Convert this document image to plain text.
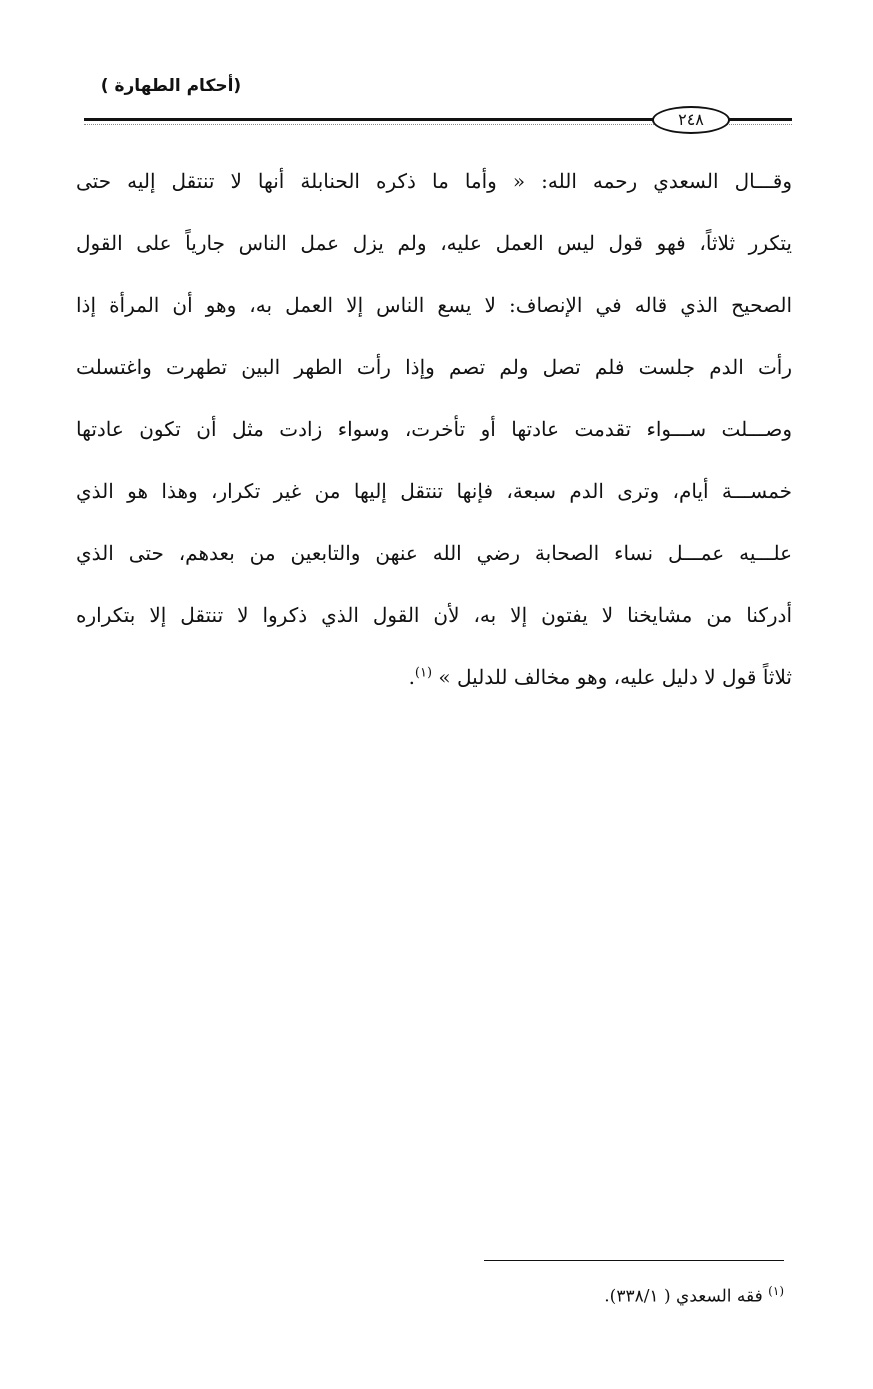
(أحكام الطهارة )
٢٤٨
وقـــال السعدي رحمه الله: « وأما ما ذكره الحنابلة أنها لا تنتقل إليه حتى
يتكرر ثلاثاً، فهو قول ليس العمل عليه، ولم يزل عمل الناس جارياً على القول
الصحيح الذي قاله في الإنصاف: لا يسع الناس إلا العمل به، وهو أن المرأة إذا
رأت الدم جلست فلم تصل ولم تصم وإذا رأت الطهر البين تطهرت واغتسلت
وصـــلت ســـواء تقدمت عادتها أو تأخرت، وسواء زادت مثل أن تكون عادتها
خمســـة أيام، وترى الدم سبعة، فإنها تنتقل إليها من غير تكرار، وهذا هو الذي
علـــيه عمـــل نساء الصحابة رضي الله عنهن والتابعين من بعدهم، حتى الذي
أدركنا من مشايخنا لا يفتون إلا به، لأن القول الذي ذكروا لا تنتقل إلا بتكراره
ثلاثاً قول لا دليل عليه، وهو مخالف للدليل » $^{(١)}$.
$^{(١)}$ فقه السعدي ( ٣٣٨/١).
